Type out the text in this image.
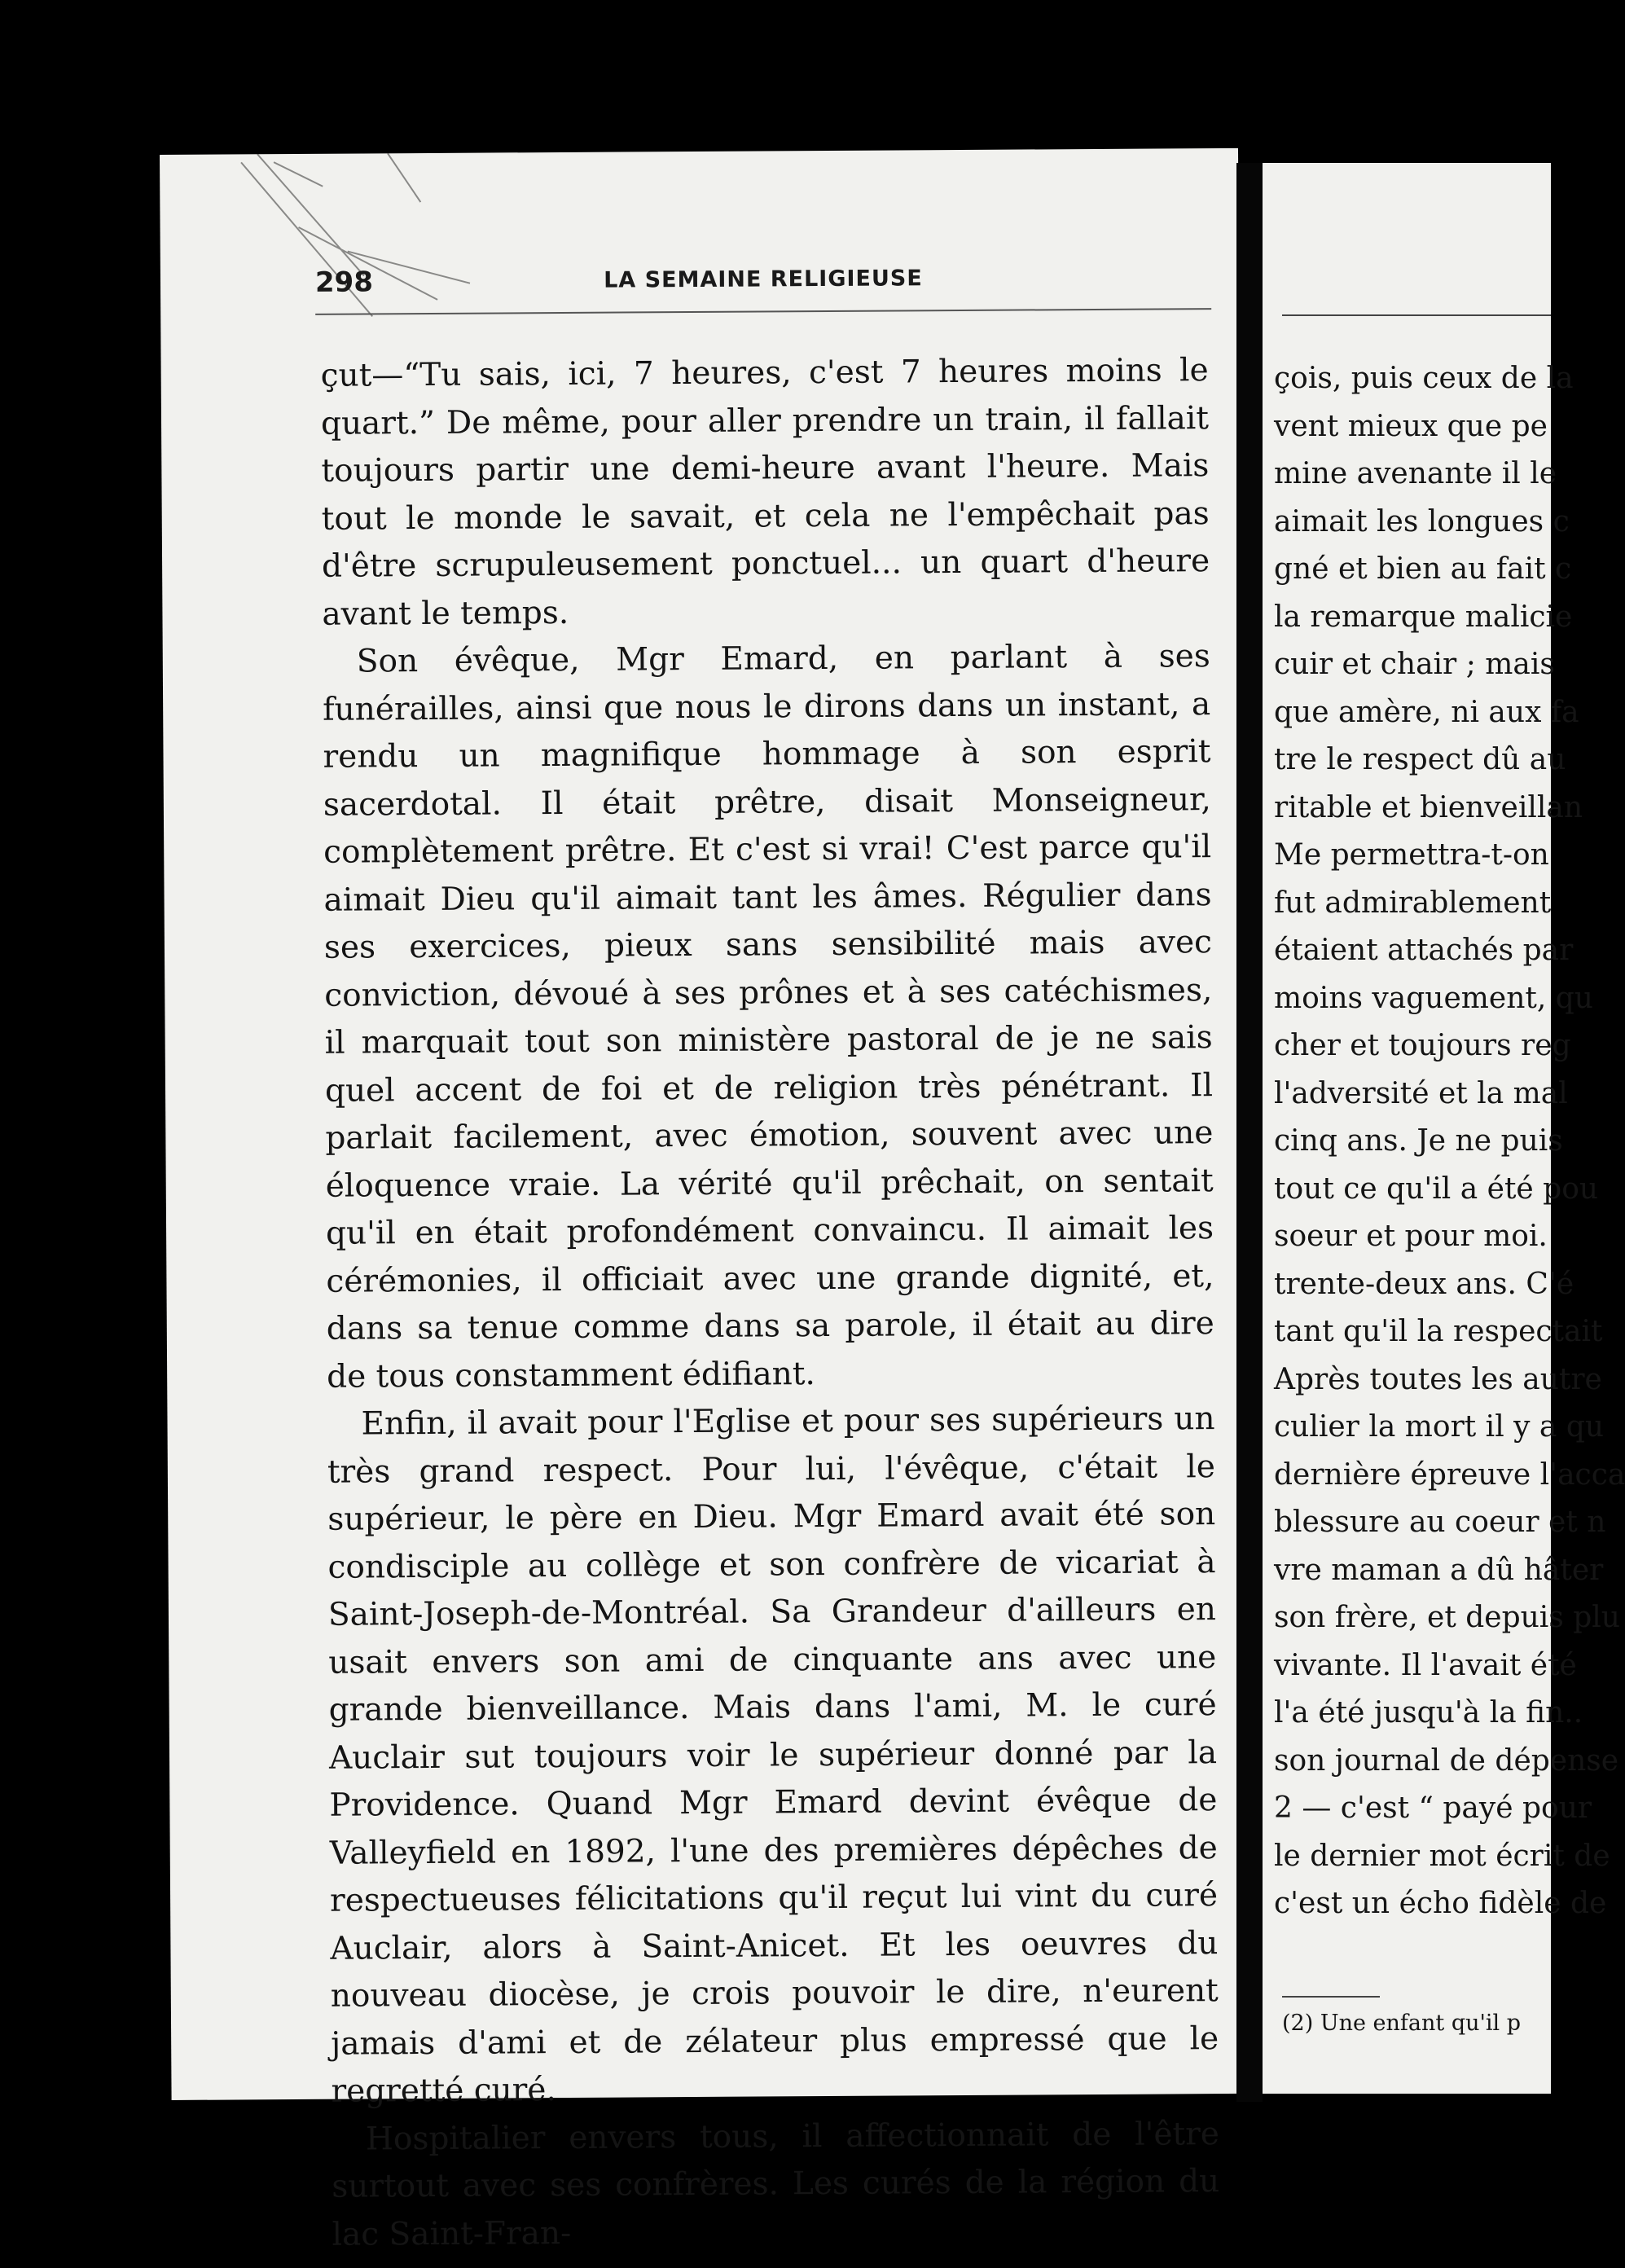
298	LA SEMAINE RELIGIEUSE

çut—“Tu sais, ici, 7 heures, c'est 7 heures moins le quart.” De même, pour aller prendre un train, il fallait toujours partir une demi-heure avant l'heure. Mais tout le monde le savait, et cela ne l'empêchait pas d'être scrupuleusement ponctuel... un quart d'heure avant le temps.

Son évêque, Mgr Emard, en parlant à ses funérailles, ainsi que nous le dirons dans un instant, a rendu un magnifique hommage à son esprit sacerdotal. Il était prêtre, disait Monseigneur, complètement prêtre. Et c'est si vrai! C'est parce qu'il aimait Dieu qu'il aimait tant les âmes. Régulier dans ses exercices, pieux sans sensibilité mais avec conviction, dévoué à ses prônes et à ses catéchismes, il marquait tout son ministère pastoral de je ne sais quel accent de foi et de religion très pénétrant. Il parlait facilement, avec émotion, souvent avec une éloquence vraie. La vérité qu'il prêchait, on sentait qu'il en était profondément convaincu. Il aimait les cérémonies, il officiait avec une grande dignité, et, dans sa tenue comme dans sa parole, il était au dire de tous constamment édifiant.

Enfin, il avait pour l'Eglise et pour ses supérieurs un très grand respect. Pour lui, l'évêque, c'était le supérieur, le père en Dieu. Mgr Emard avait été son condisciple au collège et son confrère de vicariat à Saint-Joseph-de-Montréal. Sa Grandeur d'ailleurs en usait envers son ami de cinquante ans avec une grande bienveillance. Mais dans l'ami, M. le curé Auclair sut toujours voir le supérieur donné par la Providence. Quand Mgr Emard devint évêque de Valleyfield en 1892, l'une des premières dépêches de respectueuses félicitations qu'il reçut lui vint du curé Auclair, alors à Saint-Anicet. Et les oeuvres du nouveau diocèse, je crois pouvoir le dire, n'eurent jamais d'ami et de zélateur plus empressé que le regretté curé.

Hospitalier envers tous, il affectionnait de l'être surtout avec ses confrères. Les curés de la région du lac Saint-Fran-

çois, puis ceux de la
vent mieux que pe
mine avenante il le
aimait les longues c
gné et bien au fait c
la remarque malicie
cuir et chair ; mais
que amère, ni aux fa
tre le respect dû au
ritable et bienveillan
Me permettra-t-on
fut admirablement
étaient attachés par
moins vaguement, qu
cher et toujours reg
l'adversité et la mal
cinq ans. Je ne puis
tout ce qu'il a été pou
soeur et pour moi.
trente-deux ans. C'é
tant qu'il la respectait
Après toutes les autre
culier la mort il y a qu
dernière épreuve l'acca
blessure au coeur et n
vre maman a dû hâter
son frère, et depuis plu
vivante. Il l'avait été
l'a été jusqu'à la fin..
son journal de dépense
2 — c'est “ payé pour
le dernier mot écrit de
c'est un écho fidèle de
(2) Une enfant qu'il p
